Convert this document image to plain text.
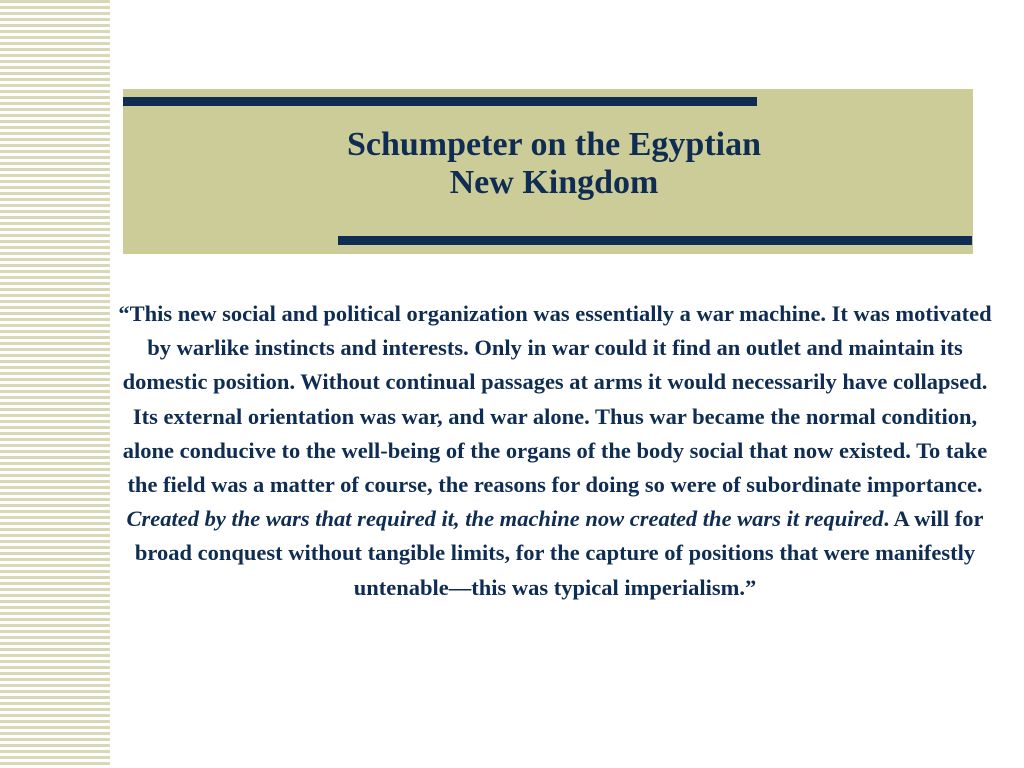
Schumpeter on the Egyptian
New Kingdom

“This new social and political organization was essentially a war machine. It was motivated by warlike instincts and interests. Only in war could it find an outlet and maintain its domestic position. Without continual passages at arms it would necessarily have collapsed. Its external orientation was war, and war alone. Thus war became the normal condition, alone conducive to the well-being of the organs of the body social that now existed. To take the field was a matter of course, the reasons for doing so were of subordinate importance. Created by the wars that required it, the machine now created the wars it required. A will for broad conquest without tangible limits, for the capture of positions that were manifestly untenable—this was typical imperialism.”
